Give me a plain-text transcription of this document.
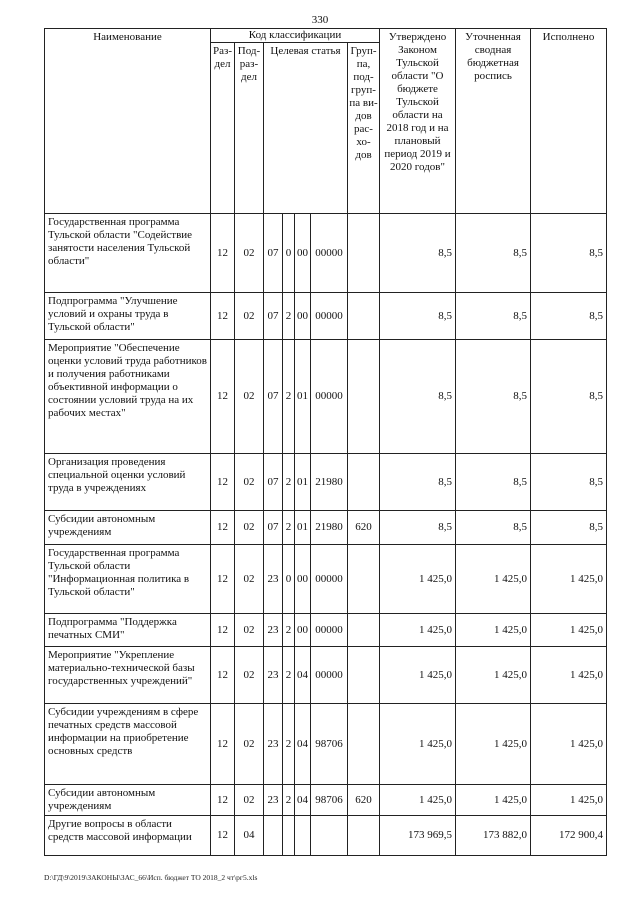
330
Наименование	Код классификации							Утверждено Законом Тульской области "О бюджете Тульской области на 2018 год и на плановый период 2019 и 2020 годов"	Уточненная сводная бюджетная роспись	Исполнено
	Раз-дел	Под-раз-дел	Целевая статья				Груп-па, под-груп-па ви-дов рас-хо-дов			
Государственная программа Тульской области "Содействие занятости населения Тульской области"	12	02	07	0	00	00000		8,5	8,5	8,5
Подпрограмма "Улучшение условий и охраны труда в Тульской области"	12	02	07	2	00	00000		8,5	8,5	8,5
Мероприятие "Обеспечение оценки условий труда работников и получения работниками объективной информации о состоянии условий труда на их рабочих местах"	12	02	07	2	01	00000		8,5	8,5	8,5
Организация проведения специальной оценки условий труда в учреждениях	12	02	07	2	01	21980		8,5	8,5	8,5
Субсидии автономным учреждениям	12	02	07	2	01	21980	620	8,5	8,5	8,5
Государственная программа Тульской области "Информационная политика в Тульской области"	12	02	23	0	00	00000		1 425,0	1 425,0	1 425,0
Подпрограмма "Поддержка печатных СМИ"	12	02	23	2	00	00000		1 425,0	1 425,0	1 425,0
Мероприятие "Укрепление материально-технической базы государственных учреждений"	12	02	23	2	04	00000		1 425,0	1 425,0	1 425,0
Субсидии учреждениям в сфере печатных средств массовой информации на приобретение основных средств	12	02	23	2	04	98706		1 425,0	1 425,0	1 425,0
Субсидии автономным учреждениям	12	02	23	2	04	98706	620	1 425,0	1 425,0	1 425,0
Другие вопросы в области средств массовой информации	12	04						173 969,5	173 882,0	172 900,4
D:\ГД\9\2019\ЗАКОНЫ\ЗАС_66\Исп. бюджет ТО 2018_2 чт\рг5.xls
